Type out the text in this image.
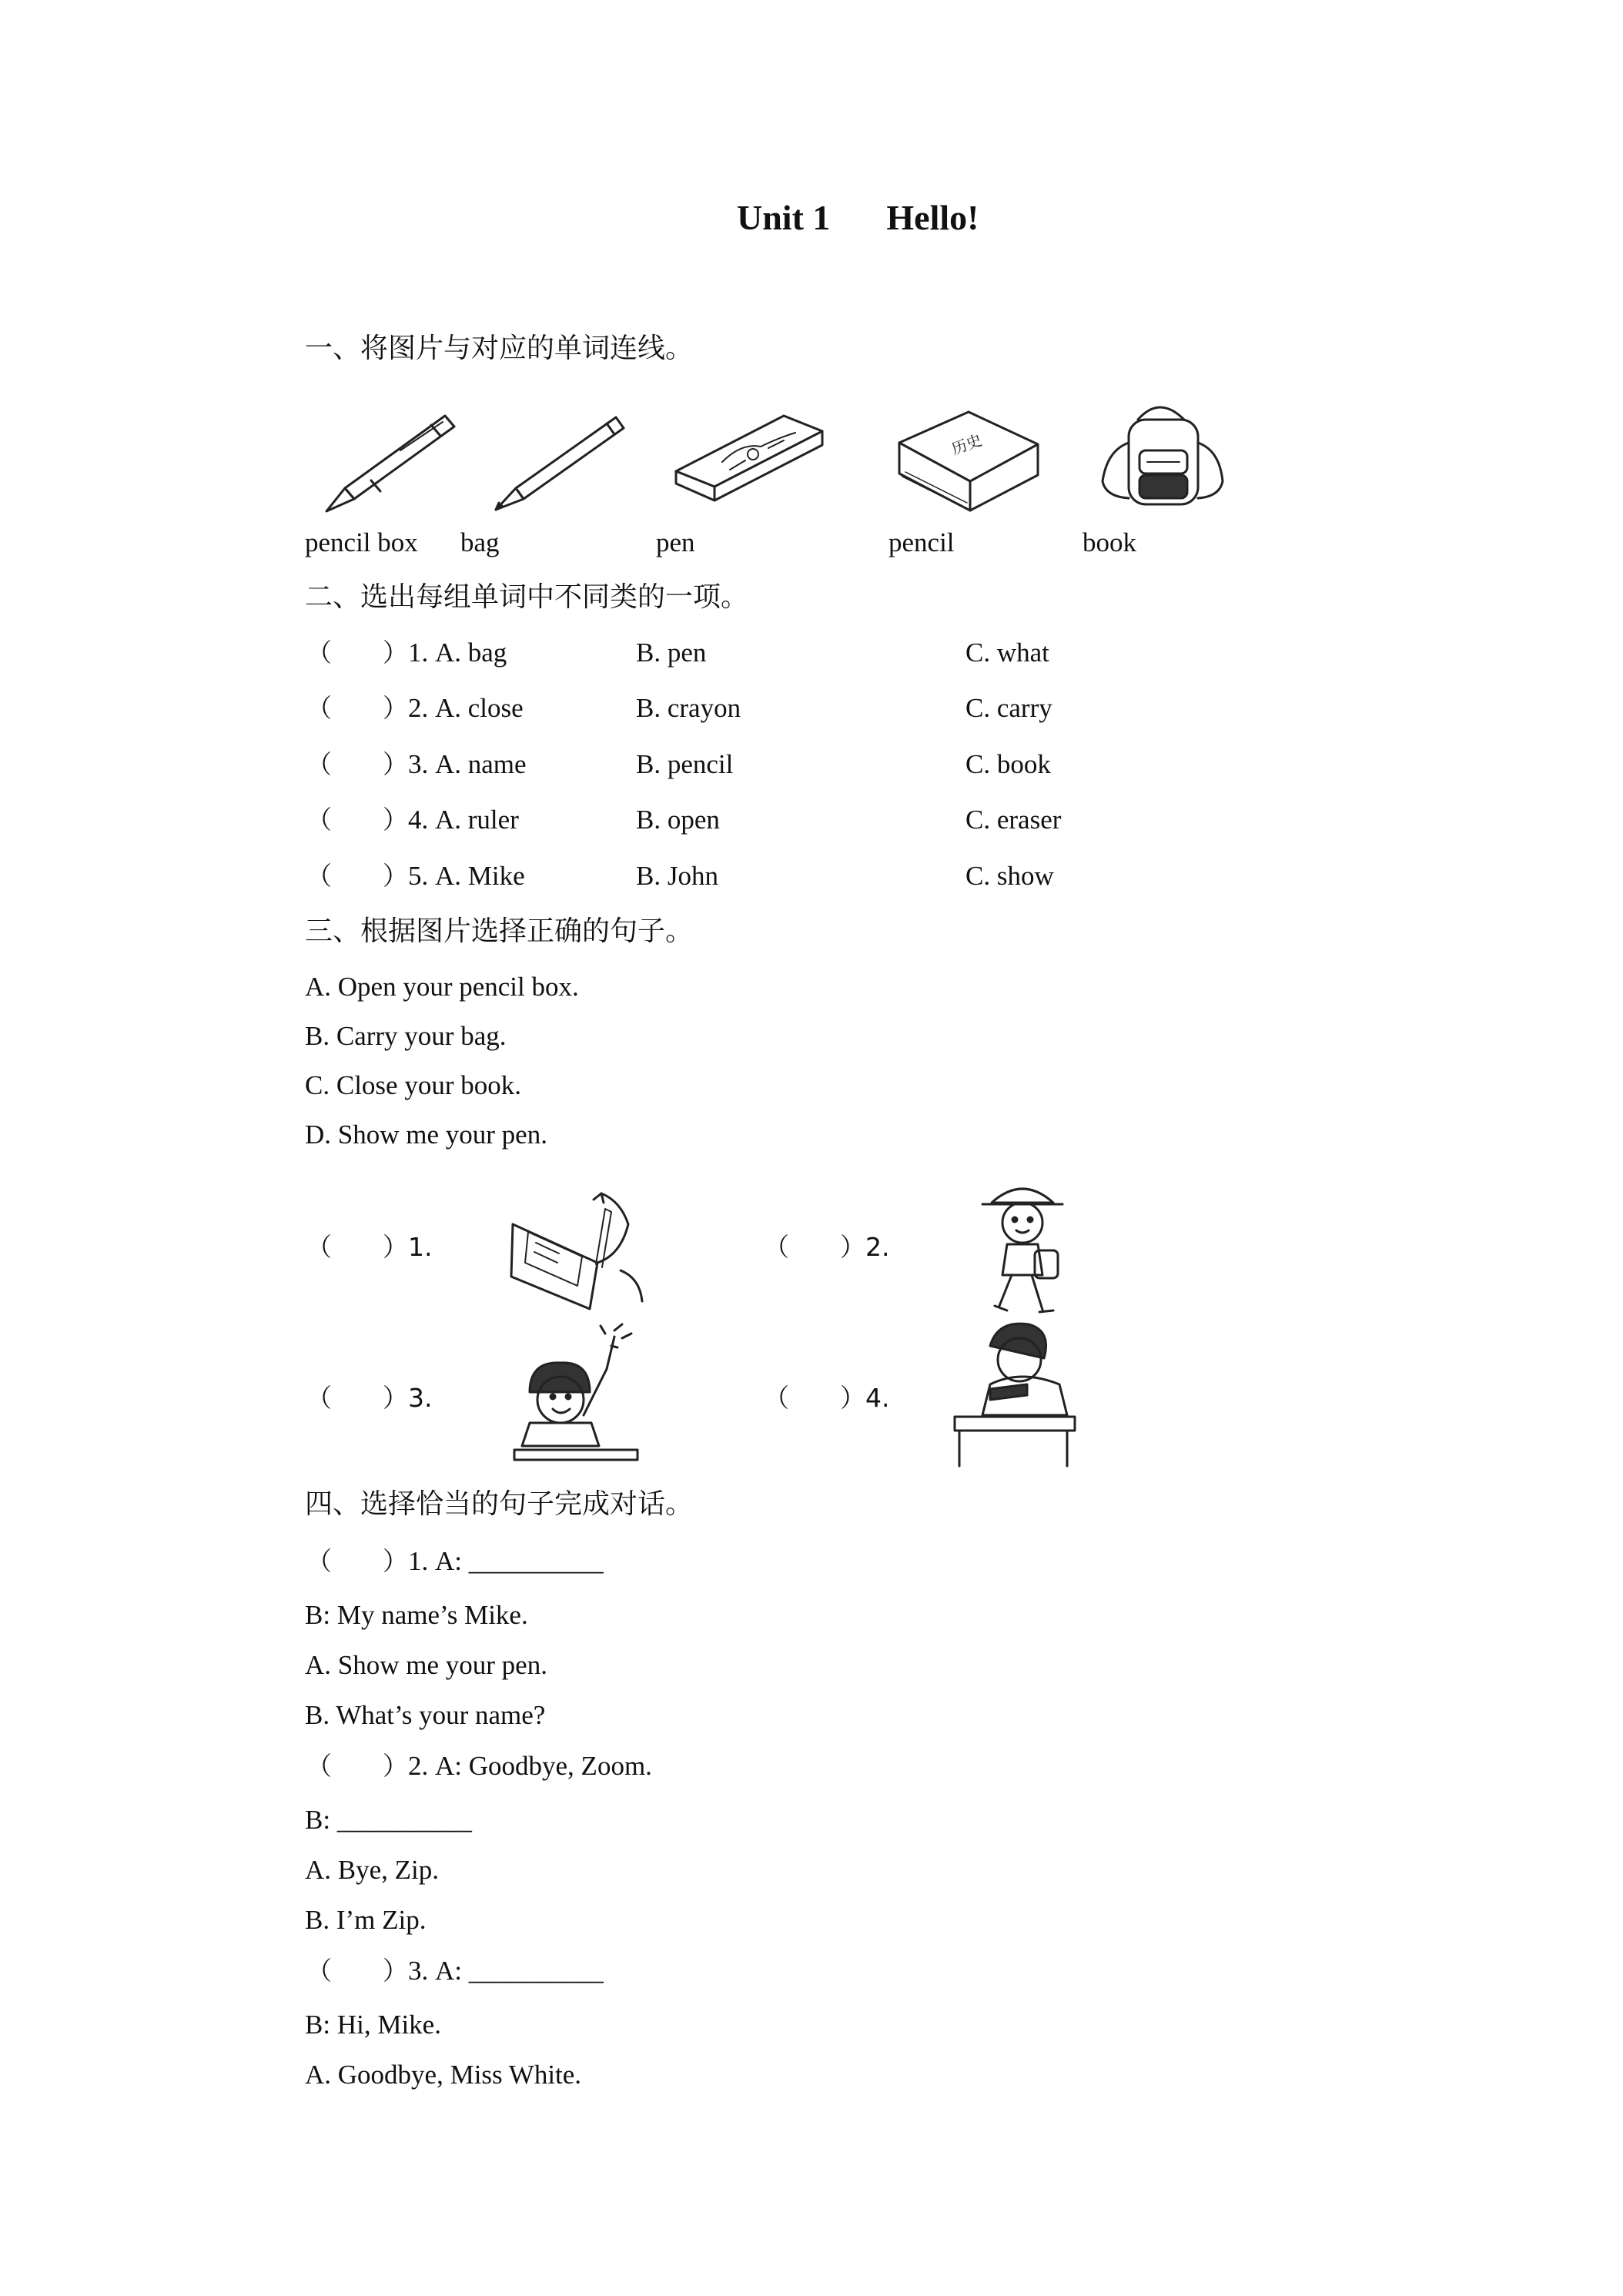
Unit 1 Hello!
一、将图片与对应的单词连线。
历史
pencil box bag	pen	pencil	book
二、选出每组单词中不同类的一项。
（　　）1. A. bag	B. pen	C. what
（　　）2. A. close	B. crayon	C. carry
（　　）3. A. name	B. pencil	C. book
（　　）4. A. ruler	B. open	C. eraser
（　　）5. A. Mike	B. John	C. show
三、根据图片选择正确的句子。
A. Open your pencil box.
B. Carry your bag.
C. Close your book.
D. Show me your pen.
（　　）1.	（　　）2.
（　　）3.	（　　）4.
四、选择恰当的句子完成对话。
（　　）1. A: __________
B: My name’s Mike.
A. Show me your pen.
B. What’s your name?
（　　）2. A: Goodbye, Zoom.
B: __________
A. Bye, Zip.
B. I’m Zip.
（　　）3. A: __________
B: Hi, Mike.
A. Goodbye, Miss White.
